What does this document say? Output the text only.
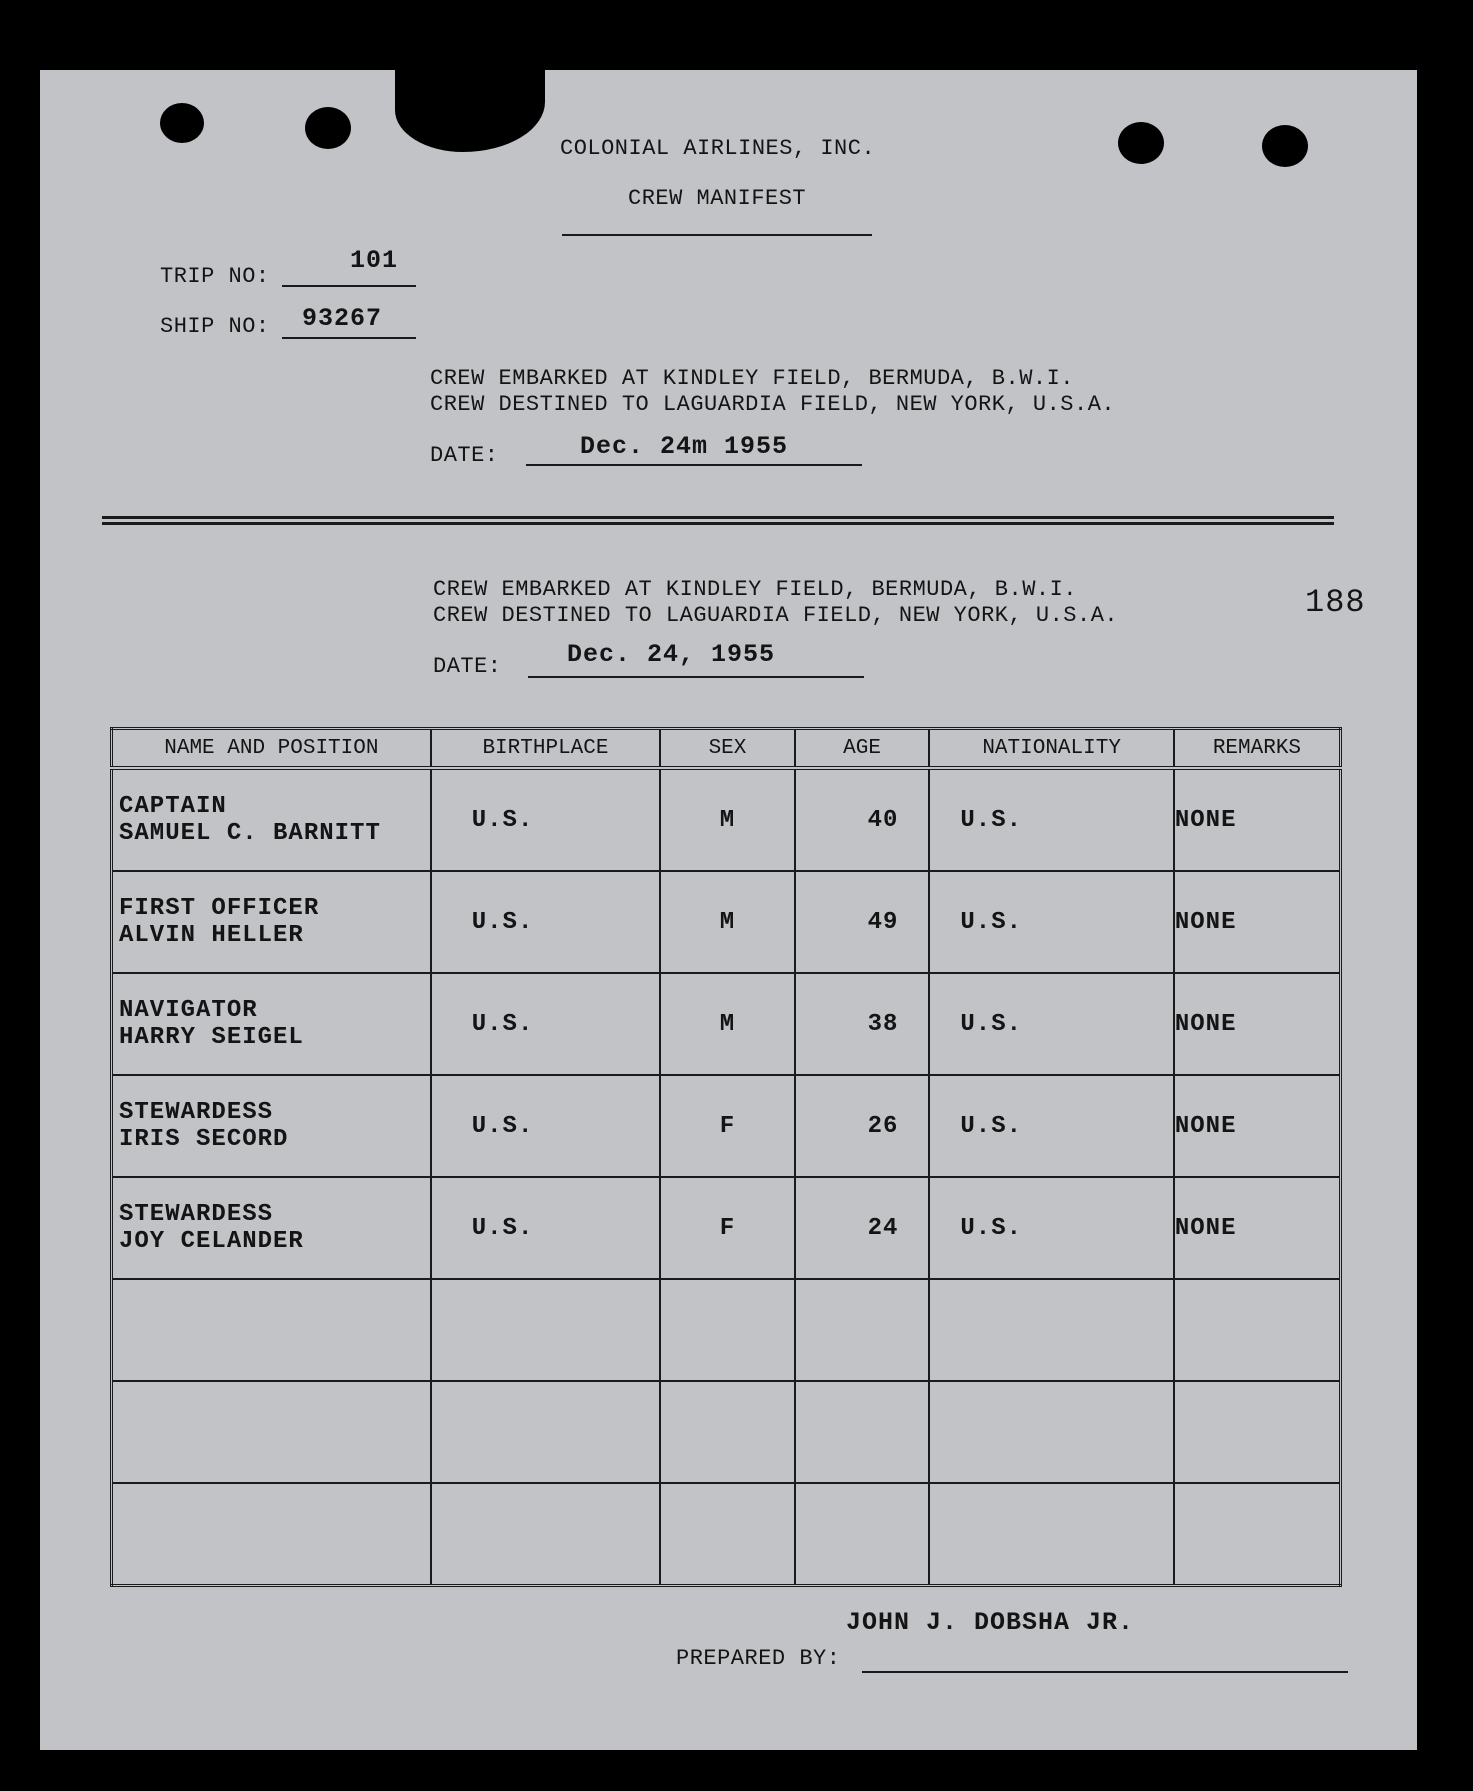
COLONIAL AIRLINES, INC.
CREW MANIFEST
TRIP NO:
101
SHIP NO: 93267
CREW EMBARKED AT KINDLEY FIELD, BERMUDA, B.W.I.
CREW DESTINED TO LAGUARDIA FIELD, NEW YORK, U.S.A.
DATE:	Dec. 24m 1955
188
CREW EMBARKED AT KINDLEY FIELD, BERMUDA, B.W.I.
CREW DESTINED TO LAGUARDIA FIELD, NEW YORK, U.S.A.
DATE:	Dec. 24, 1955
NAME AND POSITION	BIRTHPLACE	SEX	AGE	NATIONALITY	REMARKS

CAPTAIN
SAMUEL C. BARNITT	U.S.	M	40	U.S.	NONE

FIRST OFFICER
ALVIN HELLER	U.S.	M	49	U.S.	NONE

NAVIGATOR
HARRY SEIGEL	U.S.	M	38	U.S.	NONE

STEWARDESS
IRIS SECORD	U.S.	F	26	U.S.	NONE

STEWARDESS
JOY CELANDER	U.S.	F	24	U.S.	NONE

JOHN J. DOBSHA JR.
PREPARED BY:
